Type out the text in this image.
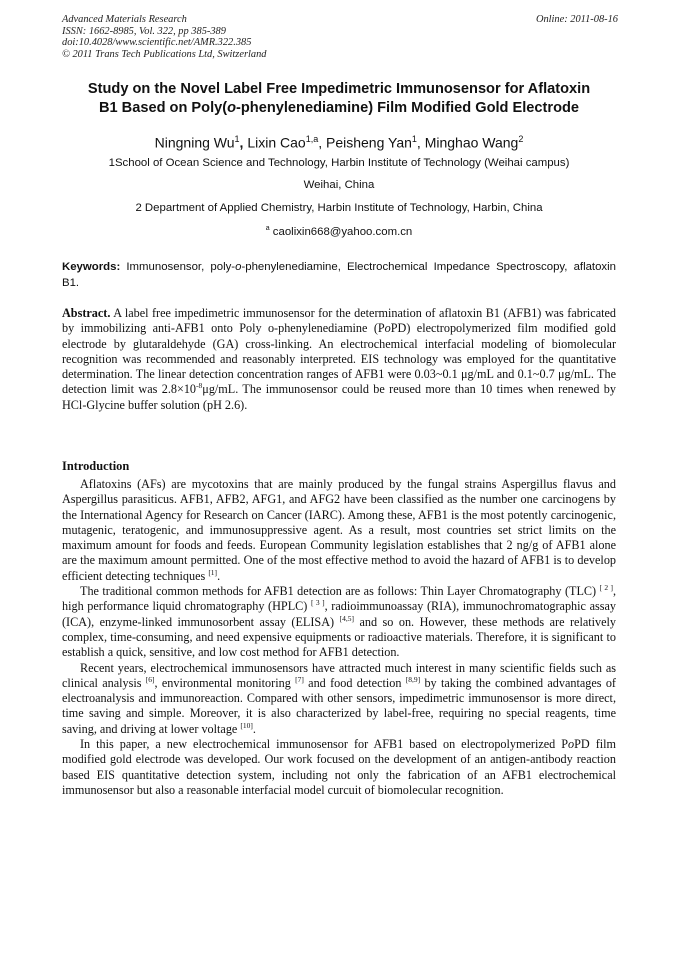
Advanced Materials Research
ISSN: 1662-8985, Vol. 322, pp 385-389
doi:10.4028/www.scientific.net/AMR.322.385
© 2011 Trans Tech Publications Ltd, Switzerland
Online: 2011-08-16
Study on the Novel Label Free Impedimetric Immunosensor for Aflatoxin
B1 Based on Poly(o-phenylenediamine) Film Modified Gold Electrode
Ningning Wu$^1$, Lixin Cao$^{1,a}$, Peisheng Yan$^1$, Minghao Wang$^2$
1School of Ocean Science and Technology, Harbin Institute of Technology (Weihai campus)
Weihai, China
2 Department of Applied Chemistry, Harbin Institute of Technology, Harbin, China
$^a$ caolixin668@yahoo.com.cn
Keywords: Immunosensor, poly-o-phenylenediamine, Electrochemical Impedance Spectroscopy, aflatoxin B1.
Abstract. A label free impedimetric immunosensor for the determination of aflatoxin B1 (AFB1) was fabricated by immobilizing anti-AFB1 onto Poly o-phenylenediamine (PoPD) electropolymerized film modified gold electrode by glutaraldehyde (GA) cross-linking. An electrochemical interfacial modeling of biomolecular recognition was recommended and reasonably interpreted. EIS technology was employed for the quantitative determination. The linear detection concentration ranges of AFB1 were 0.03~0.1 μg/mL and 0.1~0.7 μg/mL. The detection limit was $2.8\times 10^{-8}\mu g/mL$. The immunosensor could be reused more than 10 times when renewed by HCl-Glycine buffer solution (pH 2.6).
Introduction

Aflatoxins (AFs) are mycotoxins that are mainly produced by the fungal strains Aspergillus flavus and Aspergillus parasiticus. AFB1, AFB2, AFG1, and AFG2 have been classified as the number one carcinogens by the International Agency for Research on Cancer (IARC). Among these, AFB1 is the most potently carcinogenic, mutagenic, teratogenic, and immunosuppressive agent. As a result, most countries set strict limits on the maximum amount for foods and feeds. European Community legislation establishes that 2 ng/g of AFB1 alone are the maximum amount permitted. One of the most effective method to avoid the hazard of AFB1 is to develop efficient detecting techniques [1].

The traditional common methods for AFB1 detection are as follows: Thin Layer Chromatography (TLC) [ 2 ], high performance liquid chromatography (HPLC) [ 3 ], radioimmunoassay (RIA), immunochromatographic assay (ICA), enzyme-linked immunosorbent assay (ELISA) [4,5] and so on. However, these methods are relatively complex, time-consuming, and need expensive equipments or radioactive materials. Therefore, it is significant to establish a quick, sensitive, and low cost method for AFB1 detection.

Recent years, electrochemical immunosensors have attracted much interest in many scientific fields such as clinical analysis [6], environmental monitoring [7] and food detection [8,9] by taking the combined advantages of electroanalysis and immunoreaction. Compared with other sensors, impedimetric immunosensor is more direct, time saving and simple. Moreover, it is also characterized by label-free, requiring no special reagents, time saving, and driving at lower voltage [10].

In this paper, a new electrochemical immunosensor for AFB1 based on electropolymerized PoPD film modified gold electrode was developed. Our work focused on the development of an antigen-antibody reaction based EIS quantitative detection system, including not only the fabrication of an AFB1 electrochemical immunosensor but also a reasonable interfacial model curcuit of biomolecular recognition.
